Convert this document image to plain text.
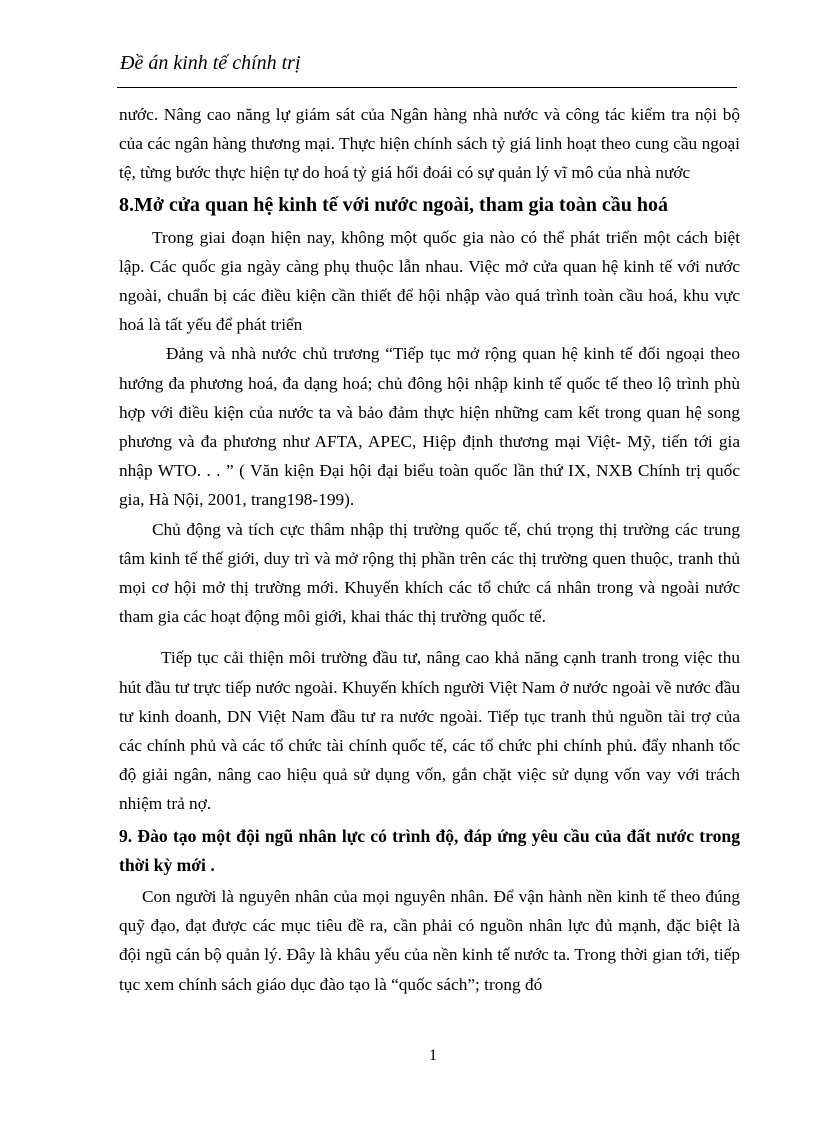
Đề án kinh tế chính trị

nước. Nâng cao năng lự giám sát của Ngân hàng nhà nước và công tác kiểm tra nội bộ của các ngân hàng thương mại. Thực hiện chính sách tỷ giá linh hoạt theo cung cầu ngoại tệ, từng bước thực hiện tự do hoá tỷ giá hối đoái có sự quản lý vĩ mô của nhà nước

8.Mở cửa quan hệ kinh tế với nước ngoài, tham gia toàn cầu hoá

Trong giai đoạn hiện nay, không một quốc gia nào có thể phát triển một cách biệt lập. Các quốc gia ngày càng phụ thuộc lẫn nhau. Việc mở cửa quan hệ kinh tế với nước ngoài, chuẩn bị các điều kiện cần thiết để hội nhập vào quá trình toàn cầu hoá, khu vực hoá là tất yếu để phát triển

Đảng và nhà nước chủ trương “Tiếp tục mở rộng quan hệ kinh tế đối ngoại theo hướng đa phương hoá, đa dạng hoá; chủ đông hội nhập kinh tế quốc tế theo lộ trình phù hợp với điều kiện của nước ta và bảo đảm thực hiện những cam kết trong quan hệ song phương và đa phương như AFTA, APEC, Hiệp định thương mại Việt- Mỹ, tiến tới gia nhập WTO. . . ” ( Văn kiện Đại hội đại biểu toàn quốc lần thứ IX, NXB Chính trị quốc gia, Hà Nội, 2001, trang198-199).

Chủ động và tích cực thâm nhập thị trường quốc tế, chú trọng thị trường các trung tâm kinh tế thế giới, duy trì và mở rộng thị phần trên các thị trường quen thuộc, tranh thủ mọi cơ hội mở thị trường mới. Khuyến khích các tổ chức cá nhân trong và ngoài nước tham gia các hoạt động môi giới, khai thác thị trường quốc tế.

Tiếp tục cải thiện môi trường đầu tư, nâng cao khả năng cạnh tranh trong việc thu hút đầu tư trực tiếp nước ngoài. Khuyến khích người Việt Nam ở nước ngoài về nước đầu tư kinh doanh, DN Việt Nam đầu tư ra nước ngoài. Tiếp tục tranh thủ nguồn tài trợ của các chính phủ và các tổ chức tài chính quốc tế, các tổ chức phi chính phủ. đẩy nhanh tốc độ giải ngân, nâng cao hiệu quả sử dụng vốn, gắn chặt việc sử dụng vốn vay với trách nhiệm trả nợ.

9. Đào tạo một đội ngũ nhân lực có trình độ, đáp ứng yêu cầu của đất nước trong thời kỳ mới .

Con người là nguyên nhân của mọi nguyên nhân. Để vận hành nền kinh tế theo đúng quỹ đạo, đạt được các mục tiêu đề ra, cần phải có nguồn nhân lực đủ mạnh, đặc biệt là đội ngũ cán bộ quản lý. Đây là khâu yếu của nền kinh tế nước ta. Trong thời gian tới, tiếp tục xem chính sách giáo dục đào tạo là “quốc sách”; trong đó

1
